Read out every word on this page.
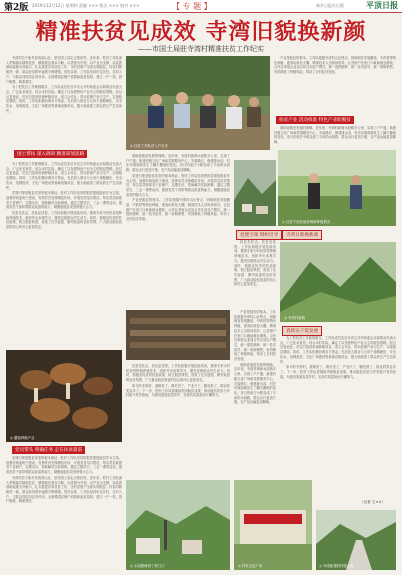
第2版 2019年12月12日 星期四 责编 ××× 版式 ××× 校对 ×××	【 专 题 】	新乡日报社出版	平顶日报
精准扶贫见成效 寺湾旧貌换新颜
——市国土局驻寺湾村精准扶贫工作纪实

寺湾村位于新乡县西部山区，是市国土局定点帮扶村。近年来，驻村工作队深入贯彻落实精准扶贫、精准脱贫基本方略，以党建为引领，以产业为支撑，以改善基础设施为突破口，扎实推进各项扶贫工作，全村贫困户全部实现脱贫，村容村貌焕然一新，群众获得感幸福感不断增强。驻村以来，工作队坚持吃住在村，走村入户，与群众同吃同住同劳动，全面摸清贫困户底数和致贫原因，建立一户一档，因户施策，精准帮扶。

为了把扶贫工作做细做实，工作队成员先后多次召开村两委会议和群众代表大会，广泛征求意见，结合本村实际，确定了以发展特色产业为主的脱贫思路。经过反复论证，决定引进食用菌种植项目，成立合作社，带动贫困户参与生产，实现稳定增收。同时，工作队积极协调各方资金，先后投入数百万元用于道路硬化、安全饮水、电网改造、文化广场建设等基础设施项目，极大地改善了群众的生产生活条件。

◎ 扶贫工作队员入户走访

产业是脱贫的根本。工作队根据寺湾村山区特点，因地制宜发展蘑菇、中药材等特色种植，建成标准化大棚，聘请技术人员现场指导，让贫困户在家门口就能就业增收。合作社采取企业加合作社加农户模式，统一提供菌种、统一技术指导、统一收购销售，有效降低了种植风险，带动了全村经济发展。

扶贫产业 活动找准 特色产业助脱贫

基础设施是发展的保障。近年来，寺湾村新修水泥路多公里，实现了户户通；新建村级文化广场和党群服务中心，安装路灯，修建排水沟，村庄环境面貌发生了翻天覆地的变化。昔日的泥泞小路变成了平坦的水泥路，群众出行更加方便，农产品运输更加顺畅。

国土帮扶 深入调研 精准谋划思路

为了把扶贫工作做细做实，工作队成员先后多次召开村两委会议和群众代表大会，广泛征求意见，结合本村实际，确定了以发展特色产业为主的脱贫思路。经过反复论证，决定引进食用菌种植项目，成立合作社，带动贫困户参与生产，实现稳定增收。同时，工作队积极协调各方资金，先后投入数百万元用于道路硬化、安全饮水、电网改造、文化广场建设等基础设施项目，极大地改善了群众的生产生活条件。

党建引领是脱贫攻坚的根本保证。驻村工作队坚持把抓党建促脱贫作为主线，加强村两委班子建设，发挥党员先锋模范作用，开展党员结对帮扶，每名党员联系若干贫困户，定期走访，帮助解决实际困难。通过主题党日、三会一课等活动，提高党员干部带领群众致富的能力，凝聚起脱贫攻坚的强大合力。

扶贫先扶志，扶贫必扶智。工作队积极开展技能培训，邀请专家为村民讲授种植养殖技术，组织外出参观学习，激发贫困群众内生动力。同时，积极宣传党的扶贫政策，树立脱贫典型，营造了比学赶超、勤劳致富的良好氛围，广大群众脱贫致富的信心和决心更加坚定。

基础设施是发展的保障。近年来，寺湾村新修水泥路多公里，实现了户户通；新建村级文化广场和党群服务中心，安装路灯，修建排水沟，村庄环境面貌发生了翻天覆地的变化。昔日的泥泞小路变成了平坦的水泥路，群众出行更加方便，农产品运输更加顺畅。

党建引领是脱贫攻坚的根本保证。驻村工作队坚持把抓党建促脱贫作为主线，加强村两委班子建设，发挥党员先锋模范作用，开展党员结对帮扶，每名党员联系若干贫困户，定期走访，帮助解决实际困难。通过主题党日、三会一课等活动，提高党员干部带领群众致富的能力，凝聚起脱贫攻坚的强大合力。

产业是脱贫的根本。工作队根据寺湾村山区特点，因地制宜发展蘑菇、中药材等特色种植，建成标准化大棚，聘请技术人员现场指导，让贫困户在家门口就能就业增收。合作社采取企业加合作社加农户模式，统一提供菌种、统一技术指导、统一收购销售，有效降低了种植风险，带动了全村经济发展。

◎ 扶贫干部在地里调研种植情况
党建引领 组织引导

扶贫先扶志，扶贫必扶智。工作队积极开展技能培训，邀请专家为村民讲授种植养殖技术，组织外出参观学习，激发贫困群众内生动力。同时，积极宣传党的扶贫政策，树立脱贫典型，营造了比学赶超、勤劳致富的良好氛围，广大群众脱贫致富的信心和决心更加坚定。

寺湾日新换新颜
◎ 寺湾村新貌
◎ 蘑菇种植产业
党员带头 明确任务 走在扶贫最前

党建引领是脱贫攻坚的根本保证。驻村工作队坚持把抓党建促脱贫作为主线，加强村两委班子建设，发挥党员先锋模范作用，开展党员结对帮扶，每名党员联系若干贫困户，定期走访，帮助解决实际困难。通过主题党日、三会一课等活动，提高党员干部带领群众致富的能力，凝聚起脱贫攻坚的强大合力。

寺湾村位于新乡县西部山区，是市国土局定点帮扶村。近年来，驻村工作队深入贯彻落实精准扶贫、精准脱贫基本方略，以党建为引领，以产业为支撑，以改善基础设施为突破口，扎实推进各项扶贫工作，全村贫困户全部实现脱贫，村容村貌焕然一新，群众获得感幸福感不断增强。驻村以来，工作队坚持吃住在村，走村入户，与群众同吃同住同劳动，全面摸清贫困户底数和致贫原因，建立一户一档，因户施策，精准帮扶。

扶贫先扶志，扶贫必扶智。工作队积极开展技能培训，邀请专家为村民讲授种植养殖技术，组织外出参观学习，激发贫困群众内生动力。同时，积极宣传党的扶贫政策，树立脱贫典型，营造了比学赶超、勤劳致富的良好氛围，广大群众脱贫致富的信心和决心更加坚定。

如今的寺湾村，道路宽了，路灯亮了，产业兴了，腰包鼓了，群众的笑容多了。下一步，驻村工作队将继续巩固脱贫成果，推动脱贫攻坚与乡村振兴有效衔接，为建设美丽宜居乡村、实现共同富裕而不懈努力。

产业是脱贫的根本。工作队根据寺湾村山区特点，因地制宜发展蘑菇、中药材等特色种植，建成标准化大棚，聘请技术人员现场指导，让贫困户在家门口就能就业增收。合作社采取企业加合作社加农户模式，统一提供菌种、统一技术指导、统一收购销售，有效降低了种植风险，带动了全村经济发展。

基础设施是发展的保障。近年来，寺湾村新修水泥路多公里，实现了户户通；新建村级文化广场和党群服务中心，安装路灯，修建排水沟，村庄环境面貌发生了翻天覆地的变化。昔日的泥泞小路变成了平坦的水泥路，群众出行更加方便，农产品运输更加顺畅。

真抓实干促发展

为了把扶贫工作做细做实，工作队成员先后多次召开村两委会议和群众代表大会，广泛征求意见，结合本村实际，确定了以发展特色产业为主的脱贫思路。经过反复论证，决定引进食用菌种植项目，成立合作社，带动贫困户参与生产，实现稳定增收。同时，工作队积极协调各方资金，先后投入数百万元用于道路硬化、安全饮水、电网改造、文化广场建设等基础设施项目，极大地改善了群众的生产生活条件。

如今的寺湾村，道路宽了，路灯亮了，产业兴了，腰包鼓了，群众的笑容多了。下一步，驻村工作队将继续巩固脱贫成果，推动脱贫攻坚与乡村振兴有效衔接，为建设美丽宜居乡村、实现共同富裕而不懈努力。

（记者 王××）
◎ 水泥路修到了家门口	◎ 村民文化广场	◎ 寺湾新建的村级公路
